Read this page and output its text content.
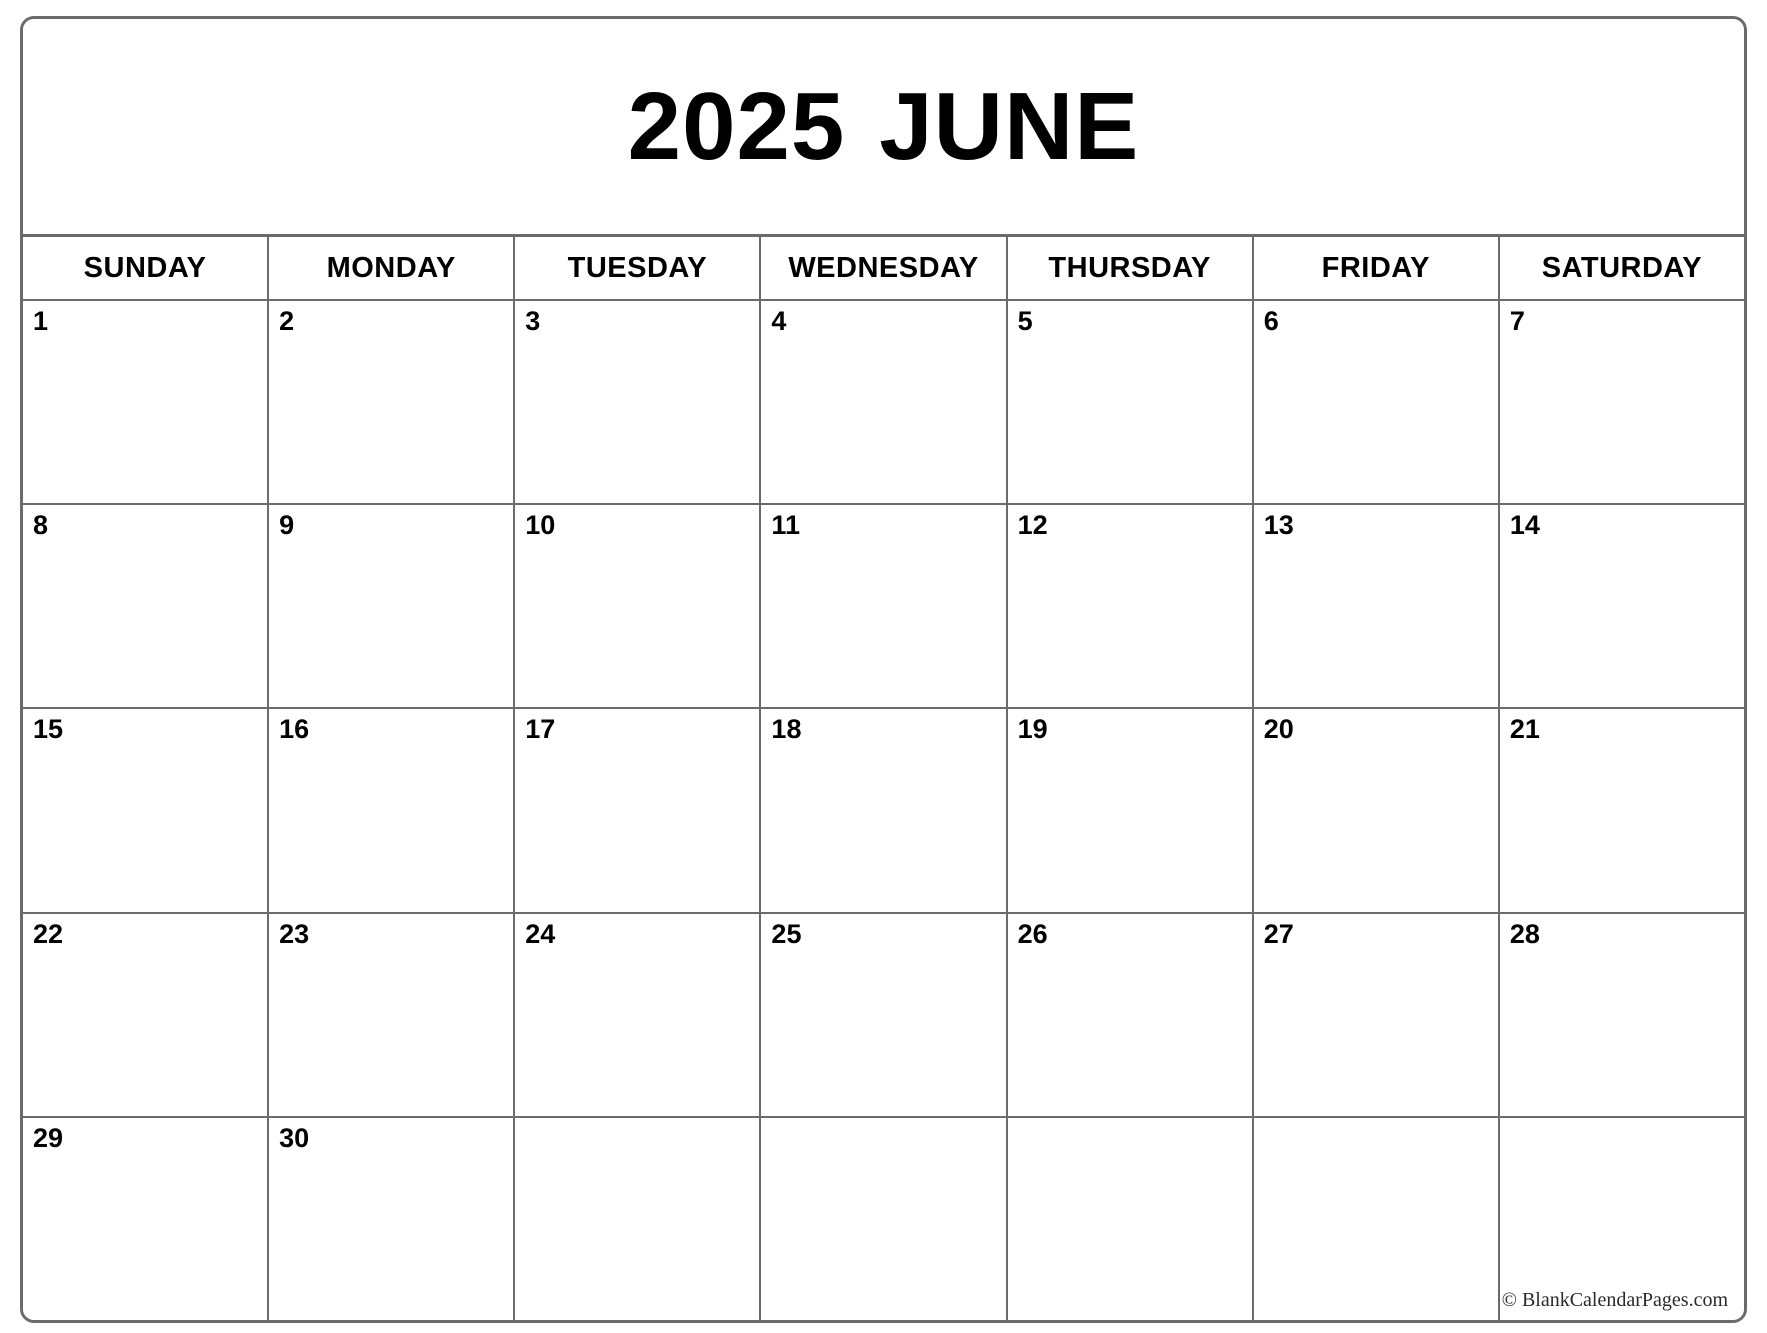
2025 JUNE
SUNDAY	MONDAY	TUESDAY	WEDNESDAY	THURSDAY	FRIDAY	SATURDAY
1	2	3	4	5	6	7
8	9	10	11	12	13	14
15	16	17	18	19	20	21
22	23	24	25	26	27	28
29	30
© BlankCalendarPages.com
